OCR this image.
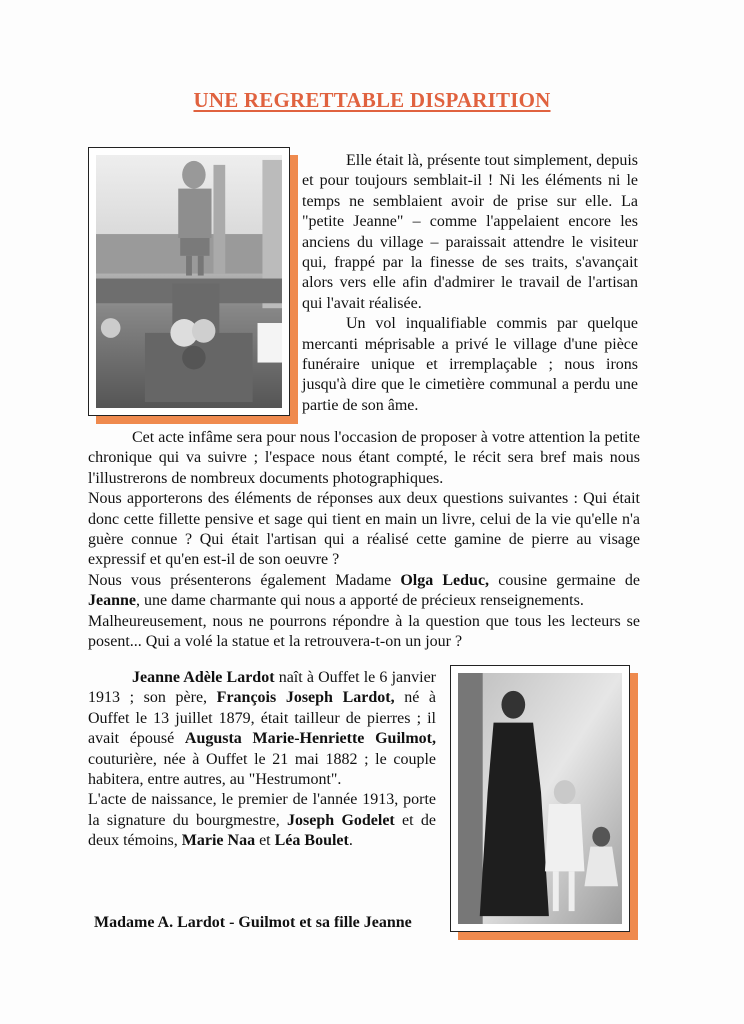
UNE REGRETTABLE DISPARITION

Elle était là, présente tout simplement, depuis et pour toujours semblait-il ! Ni les éléments ni le temps ne semblaient avoir de prise sur elle. La "petite Jeanne" – comme l'appelaient encore les anciens du village – paraissait attendre le visiteur qui, frappé par la finesse de ses traits, s'avançait alors vers elle afin d'admirer le travail de l'artisan qui l'avait réalisée.

Un vol inqualifiable commis par quelque mercanti méprisable a privé le village d'une pièce funéraire unique et irremplaçable ; nous irons jusqu'à dire que le cimetière communal a perdu une partie de son âme.

Cet acte infâme sera pour nous l'occasion de proposer à votre attention la petite chronique qui va suivre ; l'espace nous étant compté, le récit sera bref mais nous l'illustrerons de nombreux documents photographiques.

Nous apporterons des éléments de réponses aux deux questions suivantes : Qui était donc cette fillette pensive et sage qui tient en main un livre, celui de la vie qu'elle n'a guère connue ? Qui était l'artisan qui a réalisé cette gamine de pierre au visage expressif et qu'en est-il de son oeuvre ?

Nous vous présenterons également Madame Olga Leduc, cousine germaine de Jeanne, une dame charmante qui nous a apporté de précieux renseignements.

Malheureusement, nous ne pourrons répondre à la question que tous les lecteurs se posent... Qui a volé la statue et la retrouvera-t-on un jour ?

Jeanne Adèle Lardot naît à Ouffet le 6 janvier 1913 ; son père, François Joseph Lardot, né à Ouffet le 13 juillet 1879, était tailleur de pierres ; il avait épousé Augusta Marie-Henriette Guilmot, couturière, née à Ouffet le 21 mai 1882 ; le couple habitera, entre autres, au "Hestrumont".

L'acte de naissance, le premier de l'année 1913, porte la signature du bourgmestre, Joseph Godelet et de deux témoins, Marie Naa et Léa Boulet.

Madame A. Lardot - Guilmot et sa fille Jeanne
